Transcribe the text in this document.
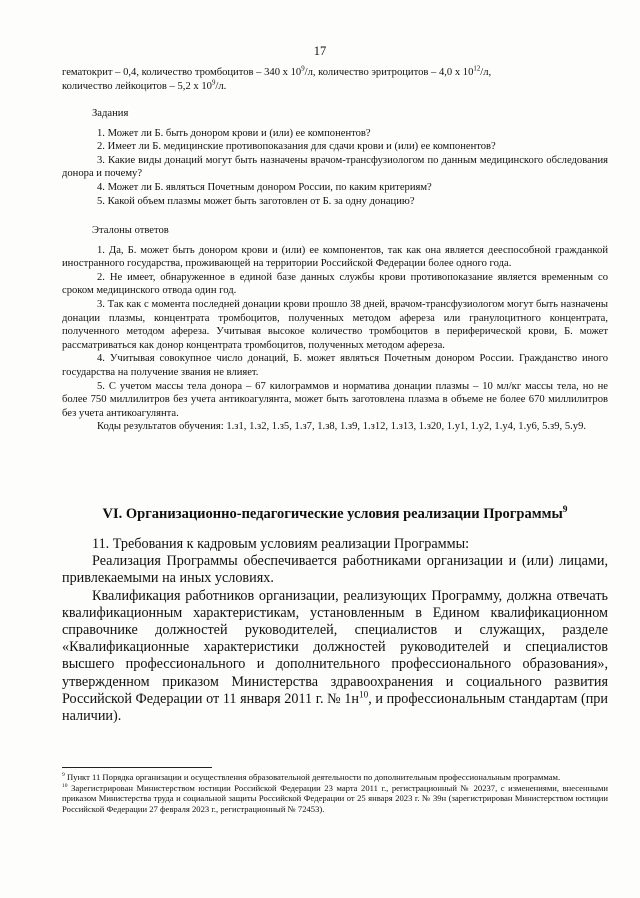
17

гематокрит – 0,4, количество тромбоцитов – 340 х $10^9/л$, количество эритроцитов – 4,0 х $10^{12}/л$,

количество лейкоцитов – 5,2 х $10^9/л$.

Задания

1. Может ли Б. быть донором крови и (или) ее компонентов?

2. Имеет ли Б. медицинские противопоказания для сдачи крови и (или) ее компонентов?

3. Какие виды донаций могут быть назначены врачом-трансфузиологом по данным медицинского обследования донора и почему?

4. Может ли Б. являться Почетным донором России, по каким критериям?

5. Какой объем плазмы может быть заготовлен от Б. за одну донацию?

Эталоны ответов

1. Да, Б. может быть донором крови и (или) ее компонентов, так как она является дееспособной гражданкой иностранного государства, проживающей на территории Российской Федерации более одного года.

2. Не имеет, обнаруженное в единой базе данных службы крови противопоказание является временным со сроком медицинского отвода один год.

3. Так как с момента последней донации крови прошло 38 дней, врачом-трансфузиологом могут быть назначены донации плазмы, концентрата тромбоцитов, полученных методом афереза или гранулоцитного концентрата, полученного методом афереза. Учитывая высокое количество тромбоцитов в периферической крови, Б. может рассматриваться как донор концентрата тромбоцитов, полученных методом афереза.

4. Учитывая совокупное число донаций, Б. может являться Почетным донором России. Гражданство иного государства на получение звания не влияет.

5. С учетом массы тела донора – 67 килограммов и норматива донации плазмы – 10 мл/кг массы тела, но не более 750 миллилитров без учета антикоагулянта, может быть заготовлена плазма в объеме не более 670 миллилитров без учета антикоагулянта.

Коды результатов обучения: 1.з1, 1.з2, 1.з5, 1.з7, 1.з8, 1.з9, 1.з12, 1.з13, 1.з20, 1.у1, 1.у2, 1.у4, 1.у6, 5.з9, 5.у9.

VI. Организационно-педагогические условия реализации Программы$^9$

11. Требования к кадровым условиям реализации Программы:

Реализация Программы обеспечивается работниками организации и (или) лицами, привлекаемыми на иных условиях.

Квалификация работников организации, реализующих Программу, должна отвечать квалификационным характеристикам, установленным в Едином квалификационном справочнике должностей руководителей, специалистов и служащих, разделе «Квалификационные характеристики должностей руководителей и специалистов высшего профессионального и дополнительного профессионального образования», утвержденном приказом Министерства здравоохранения и социального развития Российской Федерации от 11 января 2011 г. № $1н^{10}$, и профессиональным стандартам (при наличии).

$^9$ Пункт 11 Порядка организации и осуществления образовательной деятельности по дополнительным профессиональным программам.

$^{10}$ Зарегистрирован Министерством юстиции Российской Федерации 23 марта 2011 г., регистрационный № 20237, с изменениями, внесенными приказом Министерства труда и социальной защиты Российской Федерации от 25 января 2023 г. № 39н (зарегистрирован Министерством юстиции Российской Федерации 27 февраля 2023 г., регистрационный № 72453).
